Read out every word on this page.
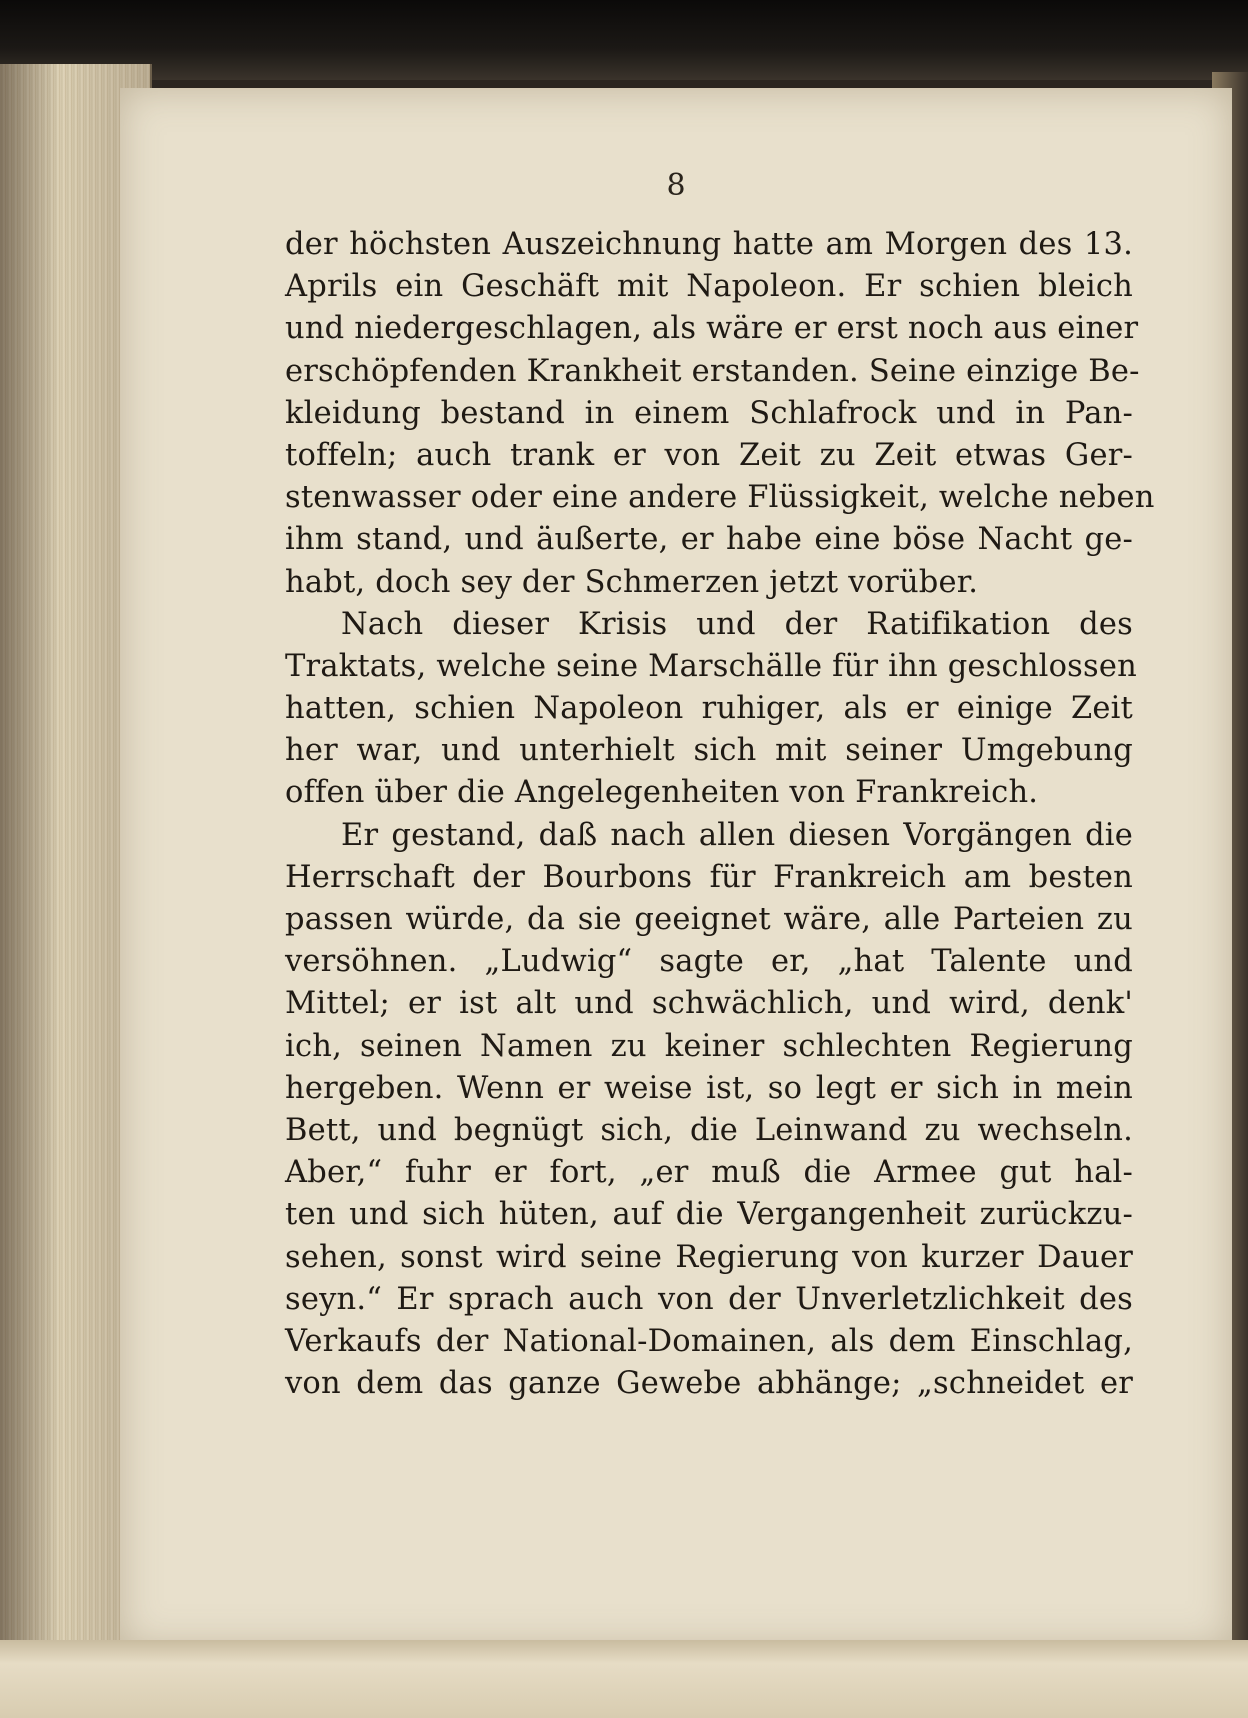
8
der höchsten Auszeichnung hatte am Morgen des 13.
Aprils ein Geschäft mit Napoleon. Er schien bleich
und niedergeschlagen, als wäre er erst noch aus einer
erschöpfenden Krankheit erstanden. Seine einzige Be-
kleidung bestand in einem Schlafrock und in Pan-
toffeln; auch trank er von Zeit zu Zeit etwas Ger-
stenwasser oder eine andere Flüssigkeit, welche neben
ihm stand, und äußerte, er habe eine böse Nacht ge-
habt, doch sey der Schmerzen jetzt vorüber.
Nach dieser Krisis und der Ratifikation des
Traktats, welche seine Marschälle für ihn geschlossen
hatten, schien Napoleon ruhiger, als er einige Zeit
her war, und unterhielt sich mit seiner Umgebung
offen über die Angelegenheiten von Frankreich.
Er gestand, daß nach allen diesen Vorgängen die
Herrschaft der Bourbons für Frankreich am besten
passen würde, da sie geeignet wäre, alle Parteien zu
versöhnen. „Ludwig“ sagte er, „hat Talente und
Mittel; er ist alt und schwächlich, und wird, denk'
ich, seinen Namen zu keiner schlechten Regierung
hergeben. Wenn er weise ist, so legt er sich in mein
Bett, und begnügt sich, die Leinwand zu wechseln.
Aber,“ fuhr er fort, „er muß die Armee gut hal-
ten und sich hüten, auf die Vergangenheit zurückzu-
sehen, sonst wird seine Regierung von kurzer Dauer
seyn.“ Er sprach auch von der Unverletzlichkeit des
Verkaufs der National-Domainen, als dem Einschlag,
von dem das ganze Gewebe abhänge; „schneidet er
